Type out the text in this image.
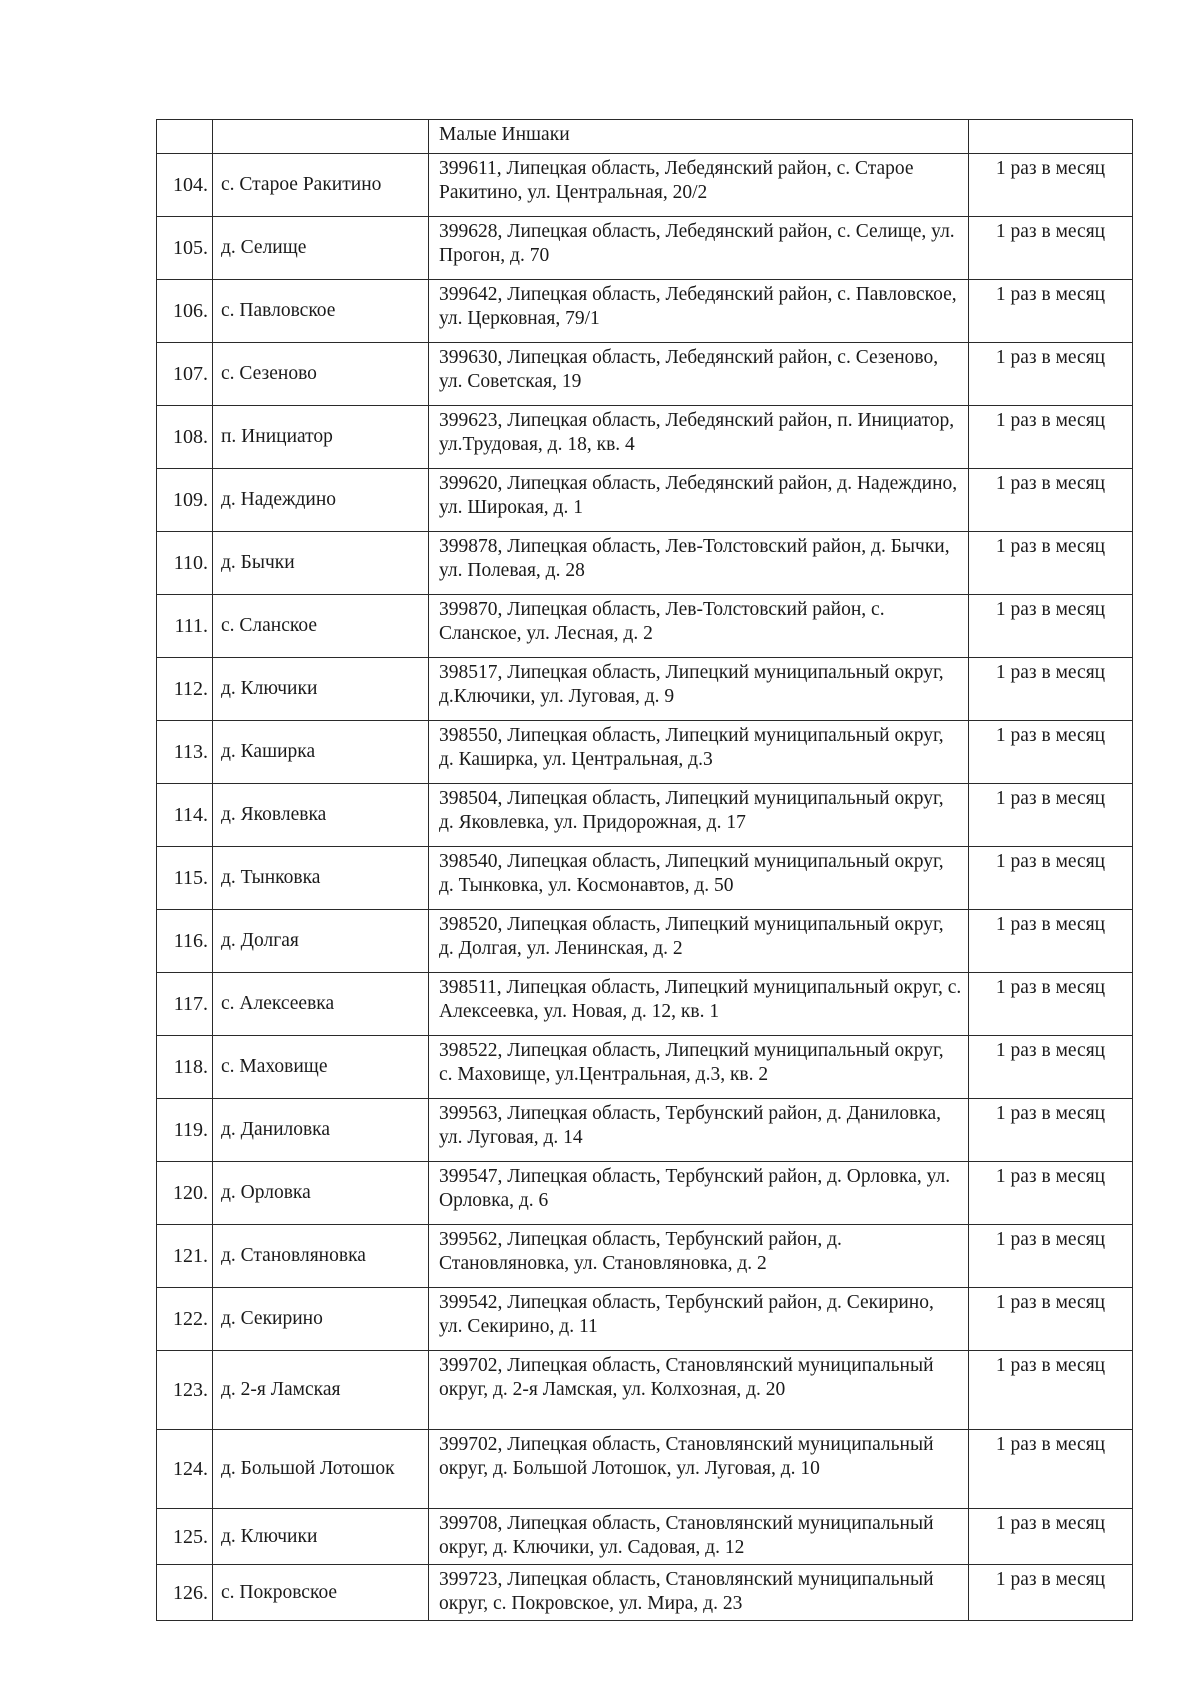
		Малые Иншаки	
104.	с. Старое Ракитино	399611, Липецкая область, Лебедянский район, с. Старое Ракитино, ул. Центральная, 20/2	1 раз в месяц
105.	д. Селище	399628, Липецкая область, Лебедянский район, с. Селище, ул. Прогон, д. 70	1 раз в месяц
106.	с. Павловское	399642, Липецкая область, Лебедянский район, с. Павловское, ул. Церковная, 79/1	1 раз в месяц
107.	с. Сезеново	399630, Липецкая область, Лебедянский район, с. Сезеново, ул. Советская, 19	1 раз в месяц
108.	п. Инициатор	399623, Липецкая область, Лебедянский район, п. Инициатор, ул.Трудовая, д. 18, кв. 4	1 раз в месяц
109.	д. Надеждино	399620, Липецкая область, Лебедянский район, д. Надеждино, ул. Широкая, д. 1	1 раз в месяц
110.	д. Бычки	399878, Липецкая область, Лев-Толстовский район, д. Бычки, ул. Полевая, д. 28	1 раз в месяц
111.	с. Сланское	399870, Липецкая область, Лев-Толстовский район, с. Сланское, ул. Лесная, д. 2	1 раз в месяц
112.	д. Ключики	398517, Липецкая область, Липецкий муниципальный округ, д.Ключики, ул. Луговая, д. 9	1 раз в месяц
113.	д. Каширка	398550, Липецкая область, Липецкий муниципальный округ, д. Каширка, ул. Центральная, д.3	1 раз в месяц
114.	д. Яковлевка	398504, Липецкая область, Липецкий муниципальный округ, д. Яковлевка, ул. Придорожная, д. 17	1 раз в месяц
115.	д. Тынковка	398540, Липецкая область, Липецкий муниципальный округ, д. Тынковка, ул. Космонавтов, д. 50	1 раз в месяц
116.	д. Долгая	398520, Липецкая область, Липецкий муниципальный округ, д. Долгая, ул. Ленинская, д. 2	1 раз в месяц
117.	с. Алексеевка	398511, Липецкая область, Липецкий муниципальный округ, с. Алексеевка, ул. Новая, д. 12, кв. 1	1 раз в месяц
118.	с. Маховище	398522, Липецкая область, Липецкий муниципальный округ, с. Маховище, ул.Центральная, д.3, кв. 2	1 раз в месяц
119.	д. Даниловка	399563, Липецкая область, Тербунский район, д. Даниловка, ул. Луговая, д. 14	1 раз в месяц
120.	д. Орловка	399547, Липецкая область, Тербунский район, д. Орловка, ул. Орловка, д. 6	1 раз в месяц
121.	д. Становляновка	399562, Липецкая область, Тербунский район, д. Становляновка, ул. Становляновка, д. 2	1 раз в месяц
122.	д. Секирино	399542, Липецкая область, Тербунский район, д. Секирино, ул. Секирино, д. 11	1 раз в месяц
123.	д. 2-я Ламская	399702, Липецкая область, Становлянский муниципальный округ, д. 2-я Ламская, ул. Колхозная, д. 20	1 раз в месяц
124.	д. Большой Лотошок	399702, Липецкая область, Становлянский муниципальный округ, д. Большой Лотошок, ул. Луговая, д. 10	1 раз в месяц
125.	д. Ключики	399708, Липецкая область, Становлянский муниципальный округ, д. Ключики, ул. Садовая, д. 12	1 раз в месяц
126.	с. Покровское	399723, Липецкая область, Становлянский муниципальный округ, с. Покровское, ул. Мира, д. 23	1 раз в месяц
